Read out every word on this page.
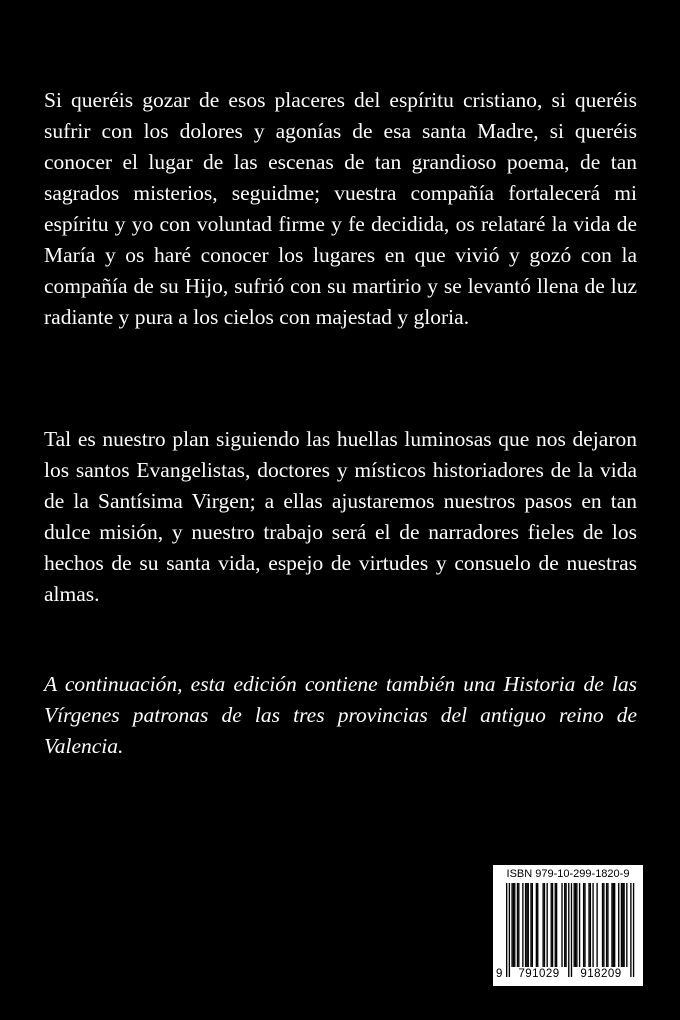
Si queréis gozar de esos placeres del espíritu cristiano, si queréis sufrir con los dolores y agonías de esa santa Madre, si queréis conocer el lugar de las escenas de tan grandioso poema, de tan sagrados misterios, seguidme; vuestra compañía fortalecerá mi espíritu y yo con voluntad firme y fe decidida, os relataré la vida de María y os haré conocer los lugares en que vivió y gozó con la compañía de su Hijo, sufrió con su martirio y se levantó llena de luz radiante y pura a los cielos con majestad y gloria.

Tal es nuestro plan siguiendo las huellas luminosas que nos dejaron los santos Evangelistas, doctores y místicos historiadores de la vida de la Santísima Virgen; a ellas ajustaremos nuestros pasos en tan dulce misión, y nuestro trabajo será el de narradores fieles de los hechos de su santa vida, espejo de virtudes y consuelo de nuestras almas.

A continuación, esta edición contiene también una Historia de las Vírgenes patronas de las tres provincias del antiguo reino de Valencia.

ISBN 979-10-299-1820-9
9	791029	918209
